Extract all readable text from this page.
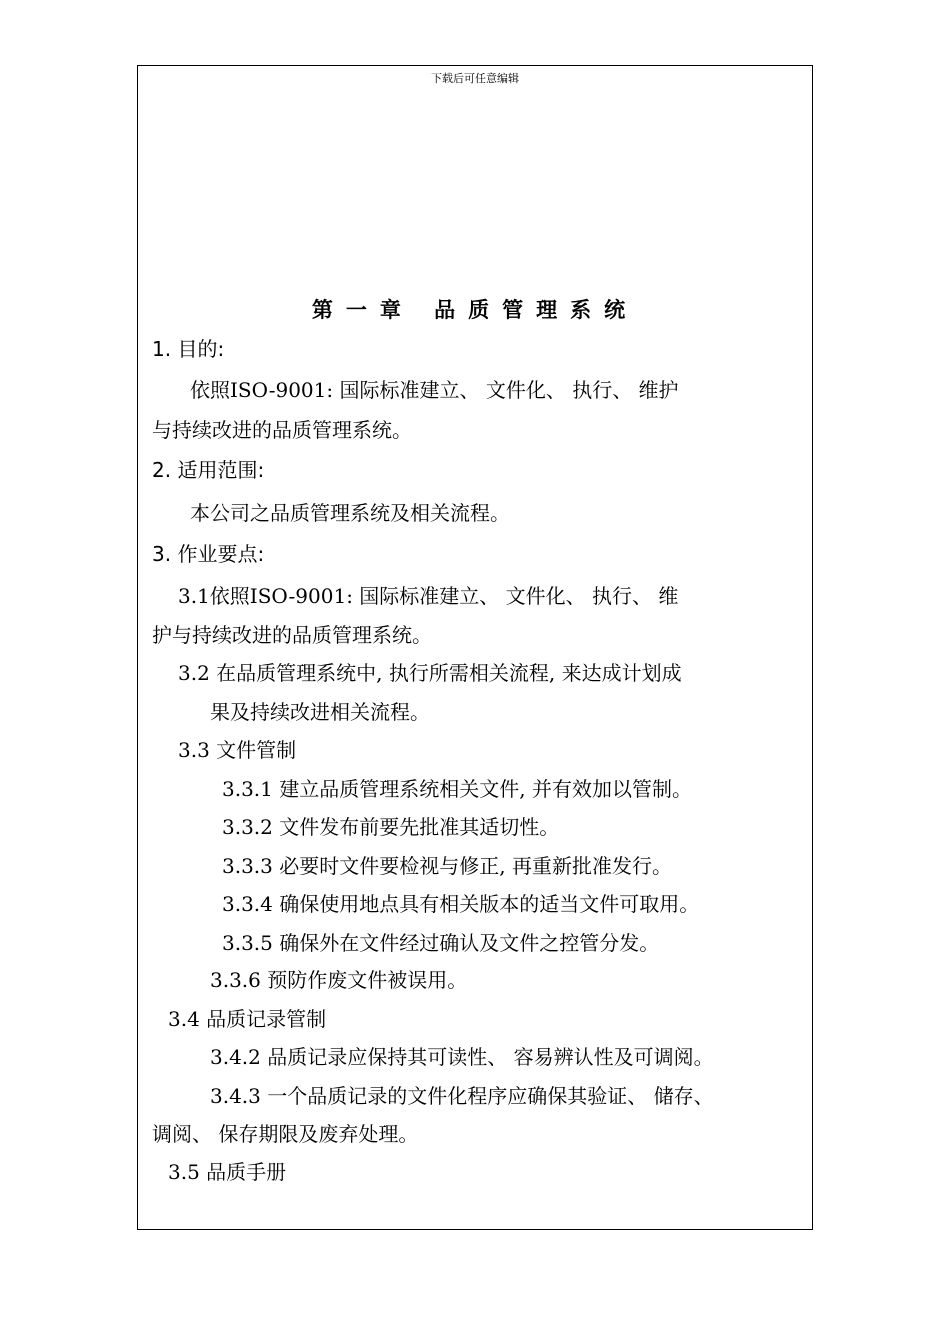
下载后可任意编辑
第一章 品质管理系统
1. 目的:
依照ISO-9001: 国际标准建立、 文件化、 执行、 维护
与持续改进的品质管理系统。
2. 适用范围:
本公司之品质管理系统及相关流程。
3. 作业要点:
3.1依照ISO-9001: 国际标准建立、 文件化、 执行、 维
护与持续改进的品质管理系统。
3.2 在品质管理系统中, 执行所需相关流程, 来达成计划成
果及持续改进相关流程。
3.3 文件管制
3.3.1 建立品质管理系统相关文件, 并有效加以管制。
3.3.2 文件发布前要先批准其适切性。
3.3.3 必要时文件要检视与修正, 再重新批准发行。
3.3.4 确保使用地点具有相关版本的适当文件可取用。
3.3.5 确保外在文件经过确认及文件之控管分发。
3.3.6 预防作废文件被误用。
3.4 品质记录管制
3.4.2 品质记录应保持其可读性、 容易辨认性及可调阅。
3.4.3 一个品质记录的文件化程序应确保其验证、 储存、
调阅、 保存期限及废弃处理。
3.5 品质手册
